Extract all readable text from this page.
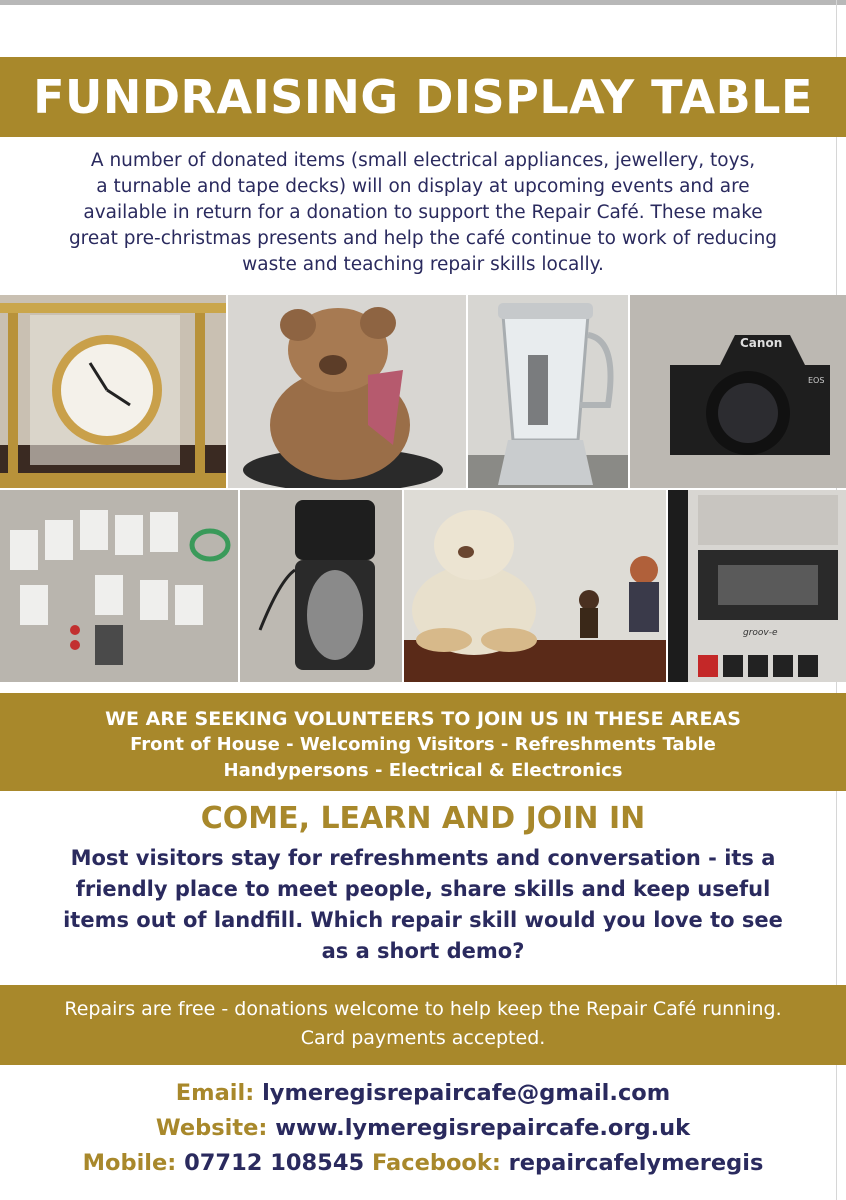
FUNDRAISING DISPLAY TABLE

A number of donated items (small electrical appliances, jewellery, toys,
a turnable and tape decks) will on display at upcoming events and are
available in return for a donation to support the Repair Café. These make
great pre-christmas presents and help the café continue to work of reducing
waste and teaching repair skills locally.

Canon
EOS
groov-e
WE ARE SEEKING VOLUNTEERS TO JOIN US IN THESE AREAS
Front of House - Welcoming Visitors - Refreshments Table
Handypersons - Electrical & Electronics
COME, LEARN AND JOIN IN

Most visitors stay for refreshments and conversation - its a
friendly place to meet people, share skills and keep useful
items out of landfill. Which repair skill would you love to see
as a short demo?

Repairs are free - donations welcome to help keep the Repair Café running.
Card payments accepted.
Email: lymeregisrepaircafe@gmail.com
Website: www.lymeregisrepaircafe.org.uk
Mobile: 07712 108545 Facebook: repaircafelymeregis
